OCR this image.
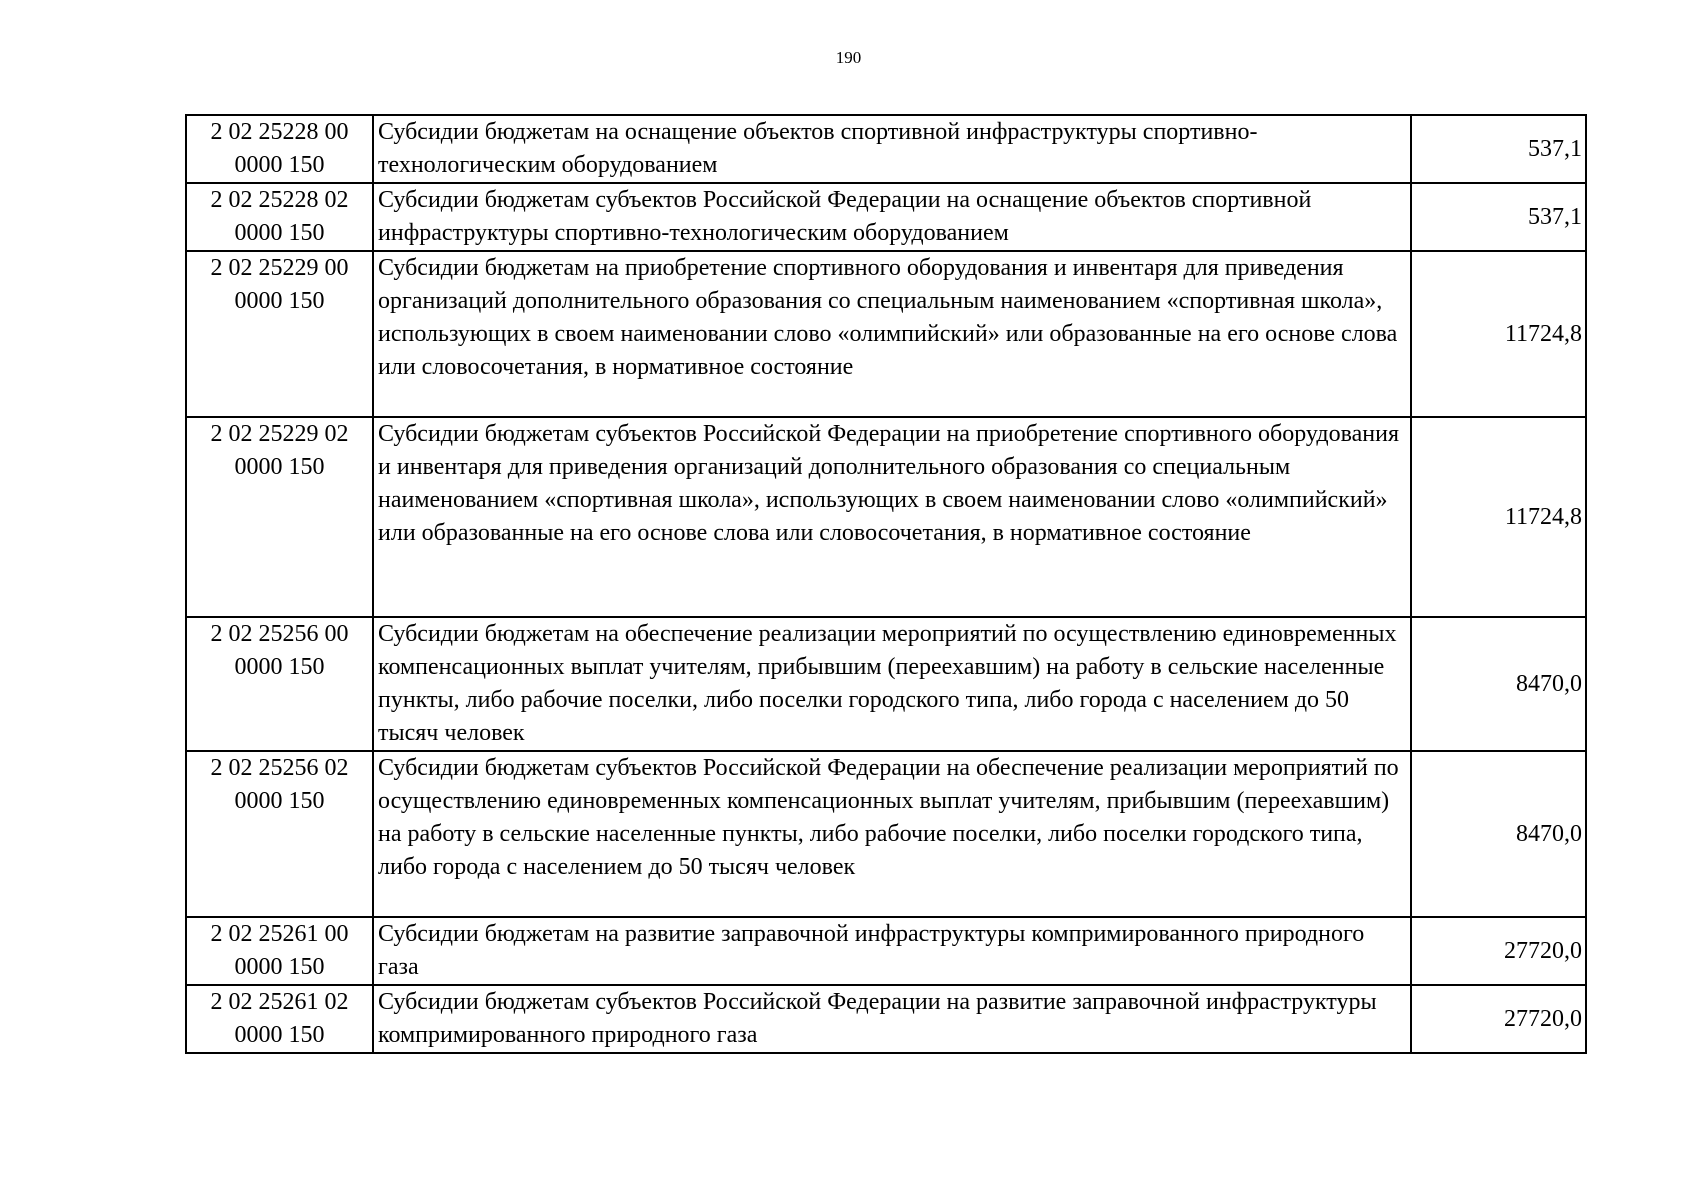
190
2 02 25228 00
0000 150	Субсидии бюджетам на оснащение объектов спортивной инфраструктуры спортивно-технологическим оборудованием	537,1

2 02 25228 02
0000 150	Субсидии бюджетам субъектов Российской Федерации на оснащение объектов спортивной инфраструктуры спортивно-технологическим оборудованием	537,1

2 02 25229 00
0000 150	Субсидии бюджетам на приобретение спортивного оборудования и инвентаря для приведения организаций дополнительного образования со специальным наименованием «спортивная школа», использующих в своем наименовании слово «олимпийский» или образованные на его основе слова или словосочетания, в нормативное состояние	11724,8

2 02 25229 02
0000 150	Субсидии бюджетам субъектов Российской Федерации на приобретение спортивного оборудования и инвентаря для приведения организаций дополнительного образования со специальным наименованием «спортивная школа», использующих в своем наименовании слово «олимпийский» или образованные на его основе слова или словосочетания, в нормативное состояние	11724,8

2 02 25256 00
0000 150	Субсидии бюджетам на обеспечение реализации мероприятий по осуществлению единовременных компенсационных выплат учителям, прибывшим (переехавшим) на работу в сельские населенные пункты, либо рабочие поселки, либо поселки городского типа, либо города с населением до 50 тысяч человек	8470,0

2 02 25256 02
0000 150	Субсидии бюджетам субъектов Российской Федерации на обеспечение реализации мероприятий по осуществлению единовременных компенсационных выплат учителям, прибывшим (переехавшим) на работу в сельские населенные пункты, либо рабочие поселки, либо поселки городского типа, либо города с населением до 50 тысяч человек	8470,0

2 02 25261 00
0000 150	Субсидии бюджетам на развитие заправочной инфраструктуры компримированного природного газа	27720,0

2 02 25261 02
0000 150	Субсидии бюджетам субъектов Российской Федерации на развитие заправочной инфраструктуры компримированного природного газа	27720,0
